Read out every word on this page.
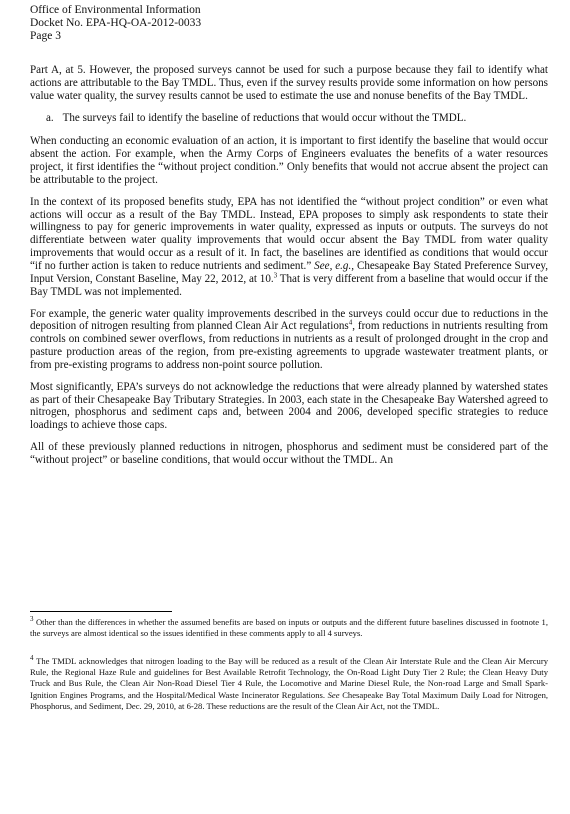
Office of Environmental Information
Docket No. EPA-HQ-OA-2012-0033
Page 3

Part A, at 5. However, the proposed surveys cannot be used for such a purpose because they fail to identify what actions are attributable to the Bay TMDL. Thus, even if the survey results provide some information on how persons value water quality, the survey results cannot be used to estimate the use and nonuse benefits of the Bay TMDL.

a. The surveys fail to identify the baseline of reductions that would occur without the TMDL.

When conducting an economic evaluation of an action, it is important to first identify the baseline that would occur absent the action. For example, when the Army Corps of Engineers evaluates the benefits of a water resources project, it first identifies the “without project condition.” Only benefits that would not accrue absent the project can be attributable to the project.

In the context of its proposed benefits study, EPA has not identified the “without project condition” or even what actions will occur as a result of the Bay TMDL. Instead, EPA proposes to simply ask respondents to state their willingness to pay for generic improvements in water quality, expressed as inputs or outputs. The surveys do not differentiate between water quality improvements that would occur absent the Bay TMDL from water quality improvements that would occur as a result of it. In fact, the baselines are identified as conditions that would occur “if no further action is taken to reduce nutrients and sediment.” See, e.g., Chesapeake Bay Stated Preference Survey, Input Version, Constant Baseline, May 22, 2012, at 10.$^3$ That is very different from a baseline that would occur if the Bay TMDL was not implemented.

For example, the generic water quality improvements described in the surveys could occur due to reductions in the deposition of nitrogen resulting from planned Clean Air Act regulations$^4$, from reductions in nutrients resulting from controls on combined sewer overflows, from reductions in nutrients as a result of prolonged drought in the crop and pasture production areas of the region, from pre-existing agreements to upgrade wastewater treatment plants, or from pre-existing programs to address non-point source pollution.

Most significantly, EPA’s surveys do not acknowledge the reductions that were already planned by watershed states as part of their Chesapeake Bay Tributary Strategies. In 2003, each state in the Chesapeake Bay Watershed agreed to nitrogen, phosphorus and sediment caps and, between 2004 and 2006, developed specific strategies to reduce loadings to achieve those caps.

All of these previously planned reductions in nitrogen, phosphorus and sediment must be considered part of the “without project” or baseline conditions, that would occur without the TMDL. An

$^3$ Other than the differences in whether the assumed benefits are based on inputs or outputs and the different future baselines discussed in footnote 1, the surveys are almost identical so the issues identified in these comments apply to all 4 surveys.
$^4$ The TMDL acknowledges that nitrogen loading to the Bay will be reduced as a result of the Clean Air Interstate Rule and the Clean Air Mercury Rule, the Regional Haze Rule and guidelines for Best Available Retrofit Technology, the On-Road Light Duty Tier 2 Rule; the Clean Heavy Duty Truck and Bus Rule, the Clean Air Non-Road Diesel Tier 4 Rule, the Locomotive and Marine Diesel Rule, the Non-road Large and Small Spark-Ignition Engines Programs, and the Hospital/Medical Waste Incinerator Regulations. See Chesapeake Bay Total Maximum Daily Load for Nitrogen, Phosphorus, and Sediment, Dec. 29, 2010, at 6-28. These reductions are the result of the Clean Air Act, not the TMDL.
